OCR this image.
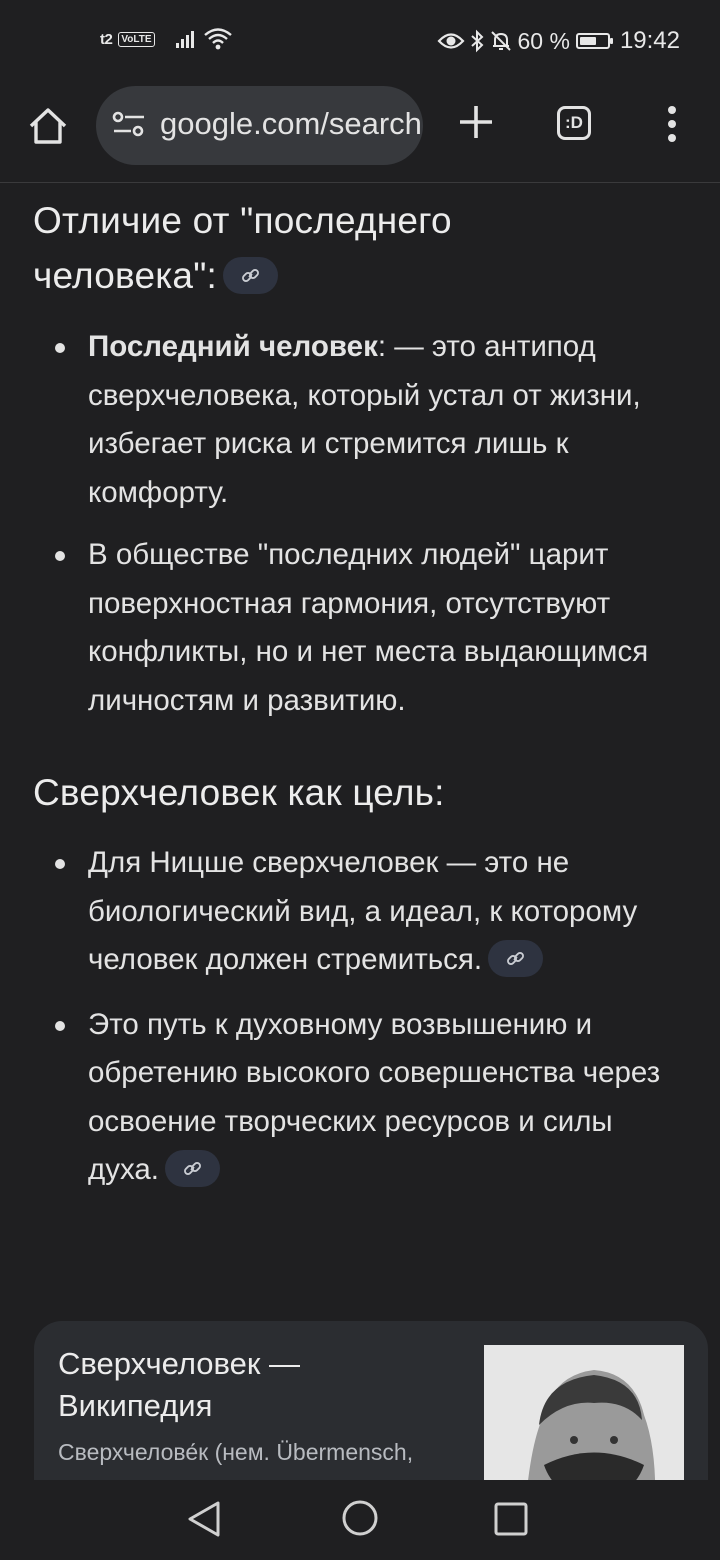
t2 VoLTE	60 % 19:42
google.com/search	:D
Отличие от "последнего человека":
Последний человек: — это антипод сверхчеловека, который устал от жизни, избегает риска и стремится лишь к комфорту.
В обществе "последних людей" царит поверхностная гармония, отсутствуют конфликты, но и нет места выдающимся личностям и развитию.
Сверхчеловек как цель:
Для Ницше сверхчеловек — это не биологический вид, а идеал, к которому человек должен стремиться.
Это путь к духовному возвышению и обретению высокого совершенства через освоение творческих ресурсов и силы духа.
Сверхчеловек — Википедия
Сверхчелове́к (нем. Übermensch,
